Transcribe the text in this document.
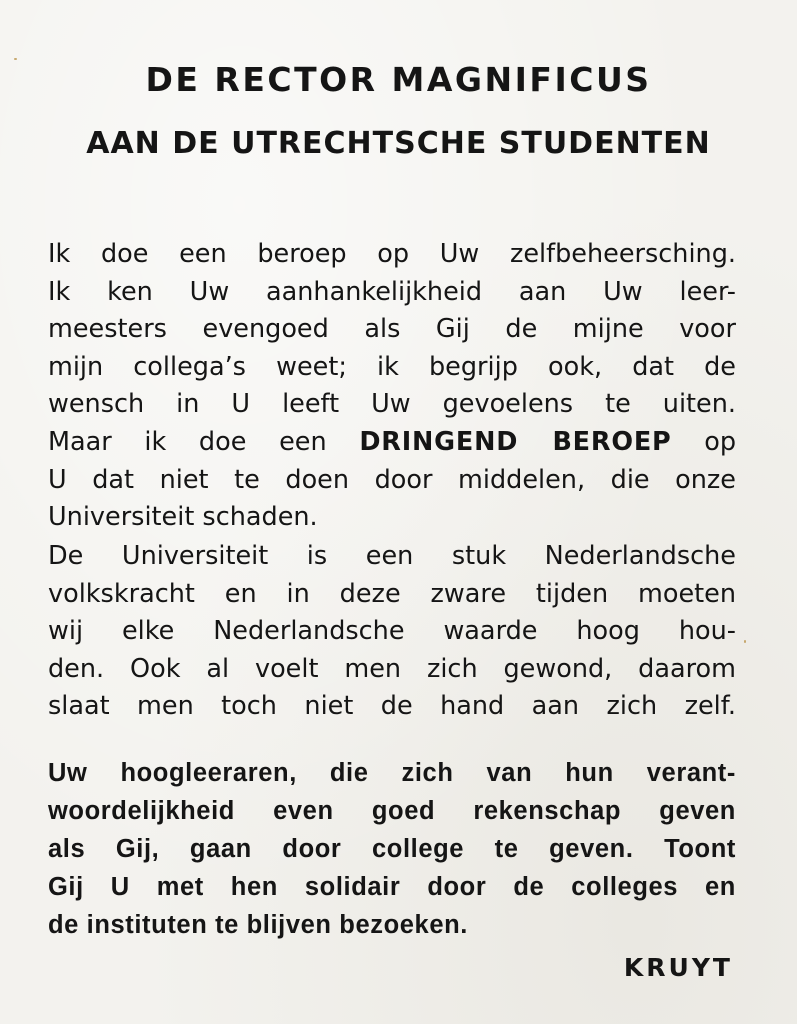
DE RECTOR MAGNIFICUS
AAN DE UTRECHTSCHE STUDENTEN
Ik doe een beroep op Uw zelfbeheersching.
Ik ken Uw aanhankelijkheid aan Uw leer-
meesters evengoed als Gij de mijne voor
mijn collega’s weet; ik begrijp ook, dat de
wensch in U leeft Uw gevoelens te uiten.
Maar ik doe een DRINGEND BEROEP op
U dat niet te doen door middelen, die onze
Universiteit schaden.
De Universiteit is een stuk Nederlandsche
volkskracht en in deze zware tijden moeten
wij elke Nederlandsche waarde hoog hou-
den. Ook al voelt men zich gewond, daarom
slaat men toch niet de hand aan zich zelf.
Uw hoogleeraren, die zich van hun verant-
woordelijkheid even goed rekenschap geven
als Gij, gaan door college te geven. Toont
Gij U met hen solidair door de colleges en
de instituten te blijven bezoeken.
KRUYT
